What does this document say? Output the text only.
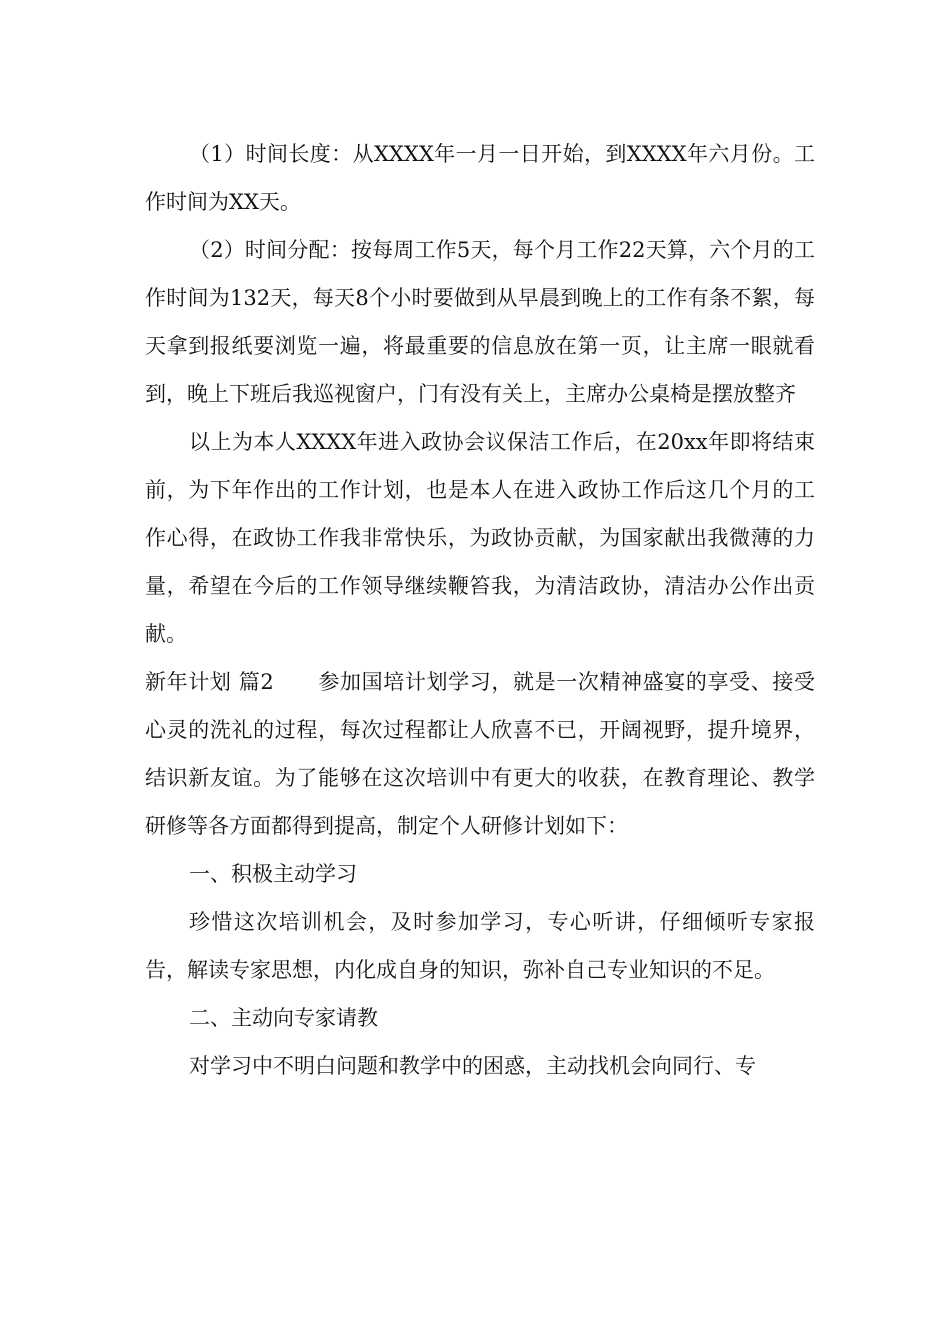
（1）时间长度：从XXXX年一月一日开始，到XXXX年六月份。工作时间为XX天。

（2）时间分配：按每周工作5天，每个月工作22天算，六个月的工作时间为132天，每天8个小时要做到从早晨到晚上的工作有条不絮，每天拿到报纸要浏览一遍，将最重要的信息放在第一页，让主席一眼就看到，晚上下班后我巡视窗户，门有没有关上，主席办公桌椅是摆放整齐

以上为本人XXXX年进入政协会议保洁工作后，在20xx年即将结束前，为下年作出的工作计划，也是本人在进入政协工作后这几个月的工作心得，在政协工作我非常快乐，为政协贡献，为国家献出我微薄的力量，希望在今后的工作领导继续鞭笞我，为清洁政协，清洁办公作出贡献。

新年计划 篇2 参加国培计划学习，就是一次精神盛宴的享受、接受心灵的洗礼的过程，每次过程都让人欣喜不已，开阔视野，提升境界，结识新友谊。为了能够在这次培训中有更大的收获，在教育理论、教学研修等各方面都得到提高，制定个人研修计划如下：

一、积极主动学习

珍惜这次培训机会，及时参加学习，专心听讲，仔细倾听专家报告，解读专家思想，内化成自身的知识，弥补自己专业知识的不足。

二、主动向专家请教

对学习中不明白问题和教学中的困惑，主动找机会向同行、专
